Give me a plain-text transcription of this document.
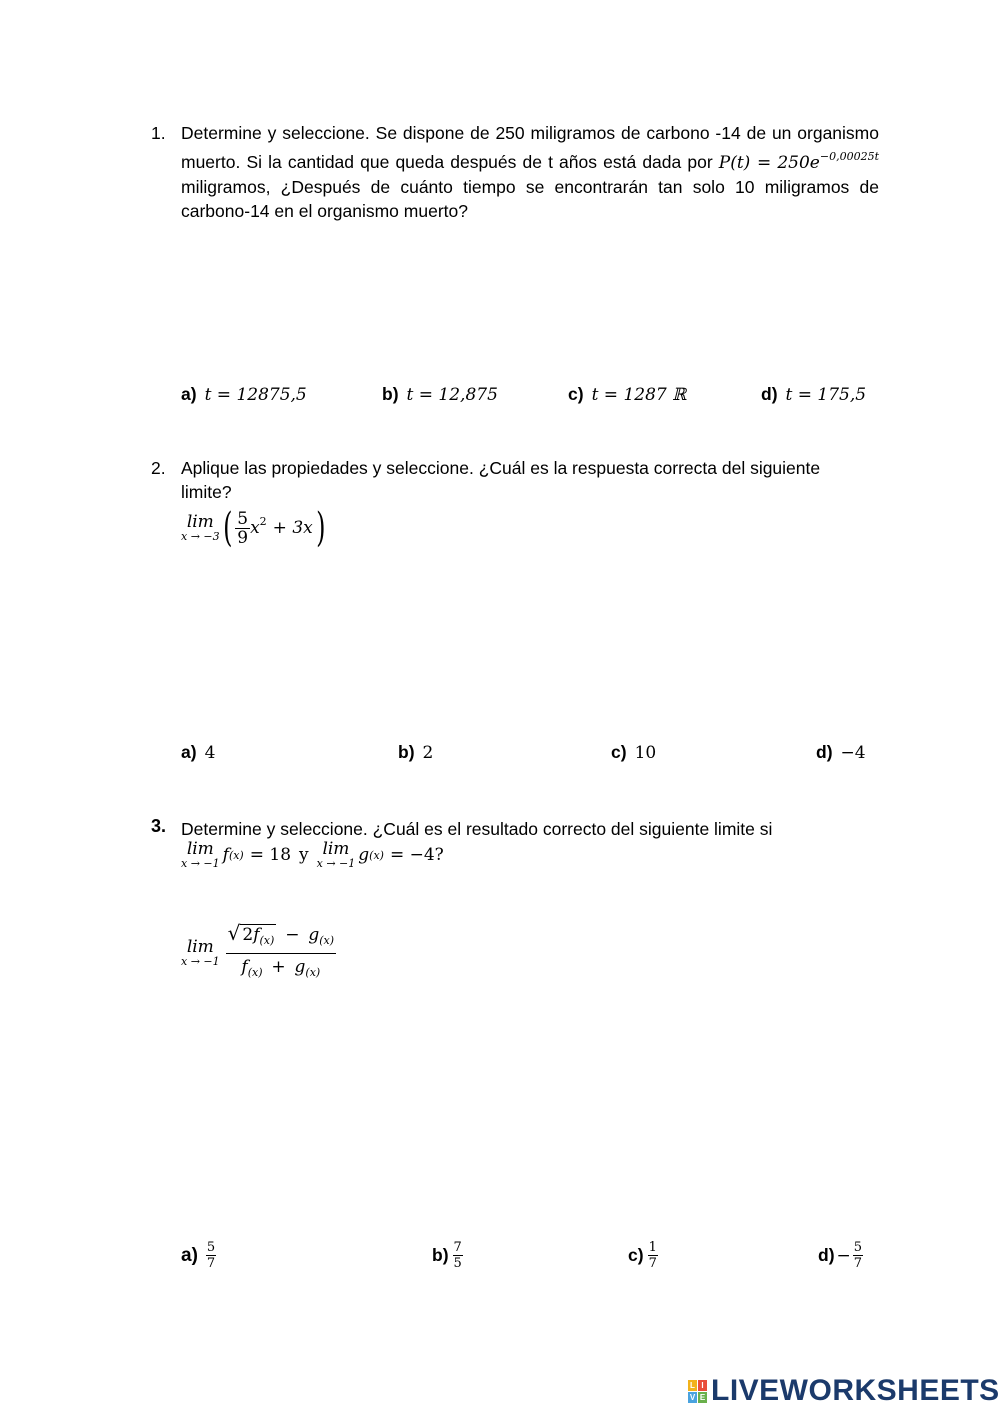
1. Determine y seleccione. Se dispone de 250 miligramos de carbono -14 de un organismo muerto. Si la cantidad que queda después de t años está dada por $P(t) = 250e^{-0,00025t}$ miligramos, ¿Después de cuánto tiempo se encontrarán tan solo 10 miligramos de carbono-14 en el organismo muerto?
a) t = 12875,5	b) t = 12,875	c) t = 1287 ℝ	d) t = 175,5
2. Aplique las propiedades y seleccione. ¿Cuál es la respuesta correcta del siguiente limite?
lim
x → −3 ( $\frac{5}{9}$ x 2 + 3x )
a) 4	b) 2	c) 10	d) −4
3. Determine y seleccione. ¿Cuál es el resultado correcto del siguiente limite si
lim
x → −1 f (x) = 18 y lim
x → −1 g (x) = −4?
lim
$x \to -1 \frac{√ 2f_{(x)} - g_{(x)}}{f_{(x)} + g_{(x)}}$
a) 5
7	b) 7
5	c) 1
7	$d) - \frac{5}{7}$
L I
V E LIVEWORKSHEETS
